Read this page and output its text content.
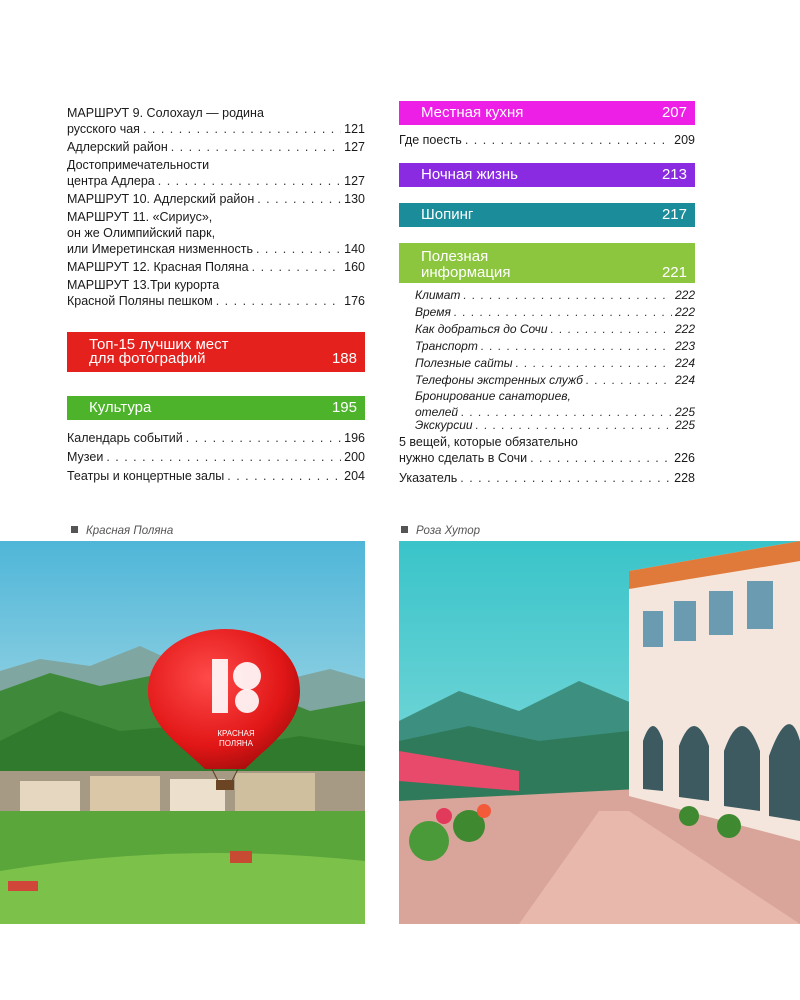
МАРШРУТ 9. Солохаул — родина
русского чая . . .	121
Адлерский район . . .	127
Достопримечательности
центра Адлера . . .	127
МАРШРУТ 10. Адлерский район . . .	130
МАРШРУТ 11. «Сириус»,
он же Олимпийский парк,
или Имеретинская низменность . . .	140
МАРШРУТ 12. Красная Поляна . . .	160
МАРШРУТ 13.Три курорта
Красной Поляны пешком . . .	176
Топ-15 лучших мест
для фотографий	188
Культура	195
Календарь событий . . .	196
Музеи . . .	200
Театры и концертные залы . . .	204
Местная кухня	207
Где поесть . . .	209
Ночная жизнь	213
Шопинг	217
Полезная
информация	221
Климат . . .	222
Время . . .	222
Как добраться до Сочи . . .	222
Транспорт . . .	223
Полезные сайты . . .	224
Телефоны экстренных служб . . .	224
Бронирование санаториев,
отелей . . .	225
Экскурсии . . .	225
5 вещей, которые обязательно
нужно сделать в Сочи . . .	226
Указатель . . .	228
Красная Поляна	Роза Хутор
КРАСНАЯ
ПОЛЯНА
